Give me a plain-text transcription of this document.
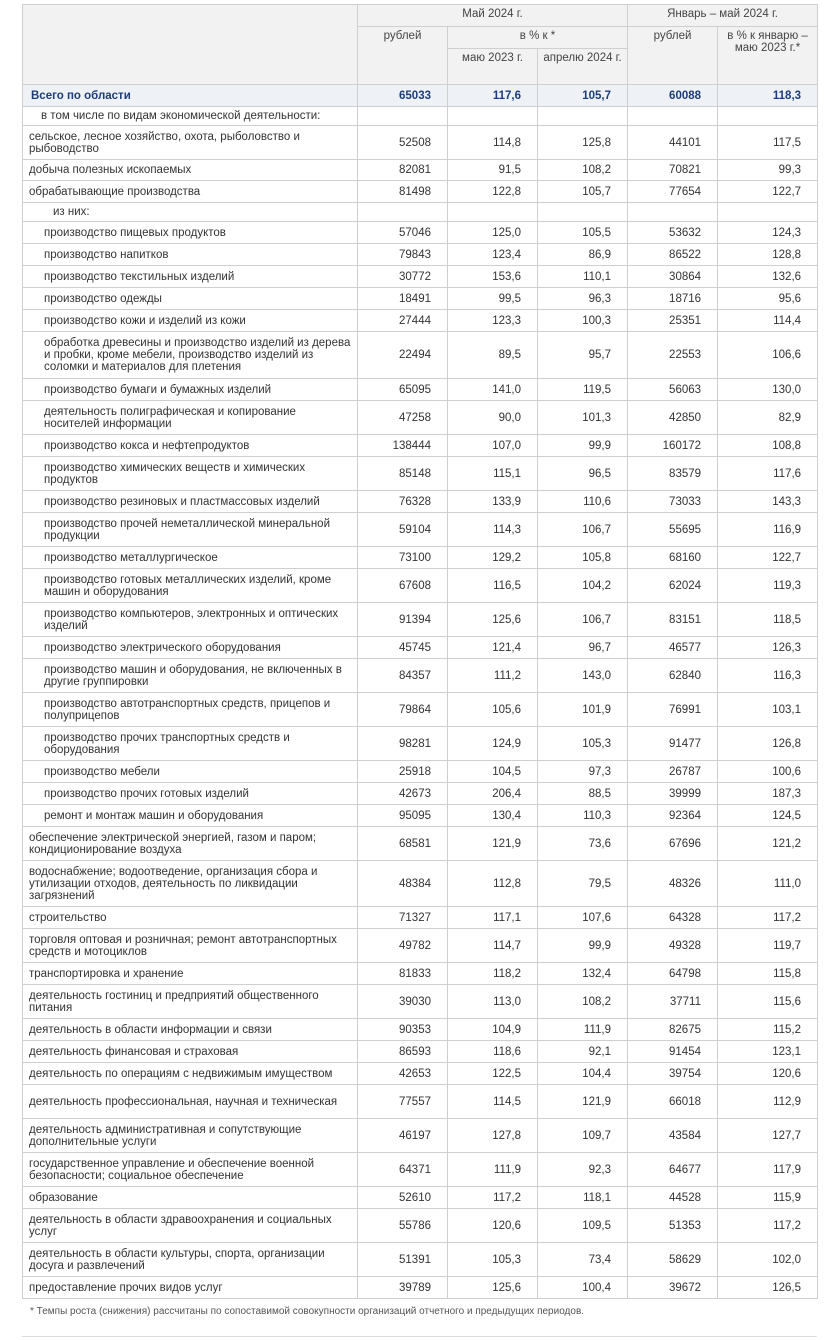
	Май 2024 г.			Январь – май 2024 г.	
	рублей	в % к *		рублей	в % к январю – маю 2023 г.*
		маю 2023 г.	апрелю 2024 г.		
Всего по области	65033	117,6	105,7	60088	118,3
в том числе по видам экономической деятельности:					
сельское, лесное хозяйство, охота, рыболовство и рыбоводство	52508	114,8	125,8	44101	117,5
добыча полезных ископаемых	82081	91,5	108,2	70821	99,3
обрабатывающие производства	81498	122,8	105,7	77654	122,7
из них:					
производство пищевых продуктов	57046	125,0	105,5	53632	124,3
производство напитков	79843	123,4	86,9	86522	128,8
производство текстильных изделий	30772	153,6	110,1	30864	132,6
производство одежды	18491	99,5	96,3	18716	95,6
производство кожи и изделий из кожи	27444	123,3	100,3	25351	114,4
обработка древесины и производство изделий из дерева и пробки, кроме мебели, производство изделий из соломки и материалов для плетения	22494	89,5	95,7	22553	106,6
производство бумаги и бумажных изделий	65095	141,0	119,5	56063	130,0
деятельность полиграфическая и копирование носителей информации	47258	90,0	101,3	42850	82,9
производство кокса и нефтепродуктов	138444	107,0	99,9	160172	108,8
производство химических веществ и химических продуктов	85148	115,1	96,5	83579	117,6
производство резиновых и пластмассовых изделий	76328	133,9	110,6	73033	143,3
производство прочей неметаллической минеральной продукции	59104	114,3	106,7	55695	116,9
производство металлургическое	73100	129,2	105,8	68160	122,7
производство готовых металлических изделий, кроме машин и оборудования	67608	116,5	104,2	62024	119,3
производство компьютеров, электронных и оптических изделий	91394	125,6	106,7	83151	118,5
производство электрического оборудования	45745	121,4	96,7	46577	126,3
производство машин и оборудования, не включенных в другие группировки	84357	111,2	143,0	62840	116,3
производство автотранспортных средств, прицепов и полуприцепов	79864	105,6	101,9	76991	103,1
производство прочих транспортных средств и оборудования	98281	124,9	105,3	91477	126,8
производство мебели	25918	104,5	97,3	26787	100,6
производство прочих готовых изделий	42673	206,4	88,5	39999	187,3
ремонт и монтаж машин и оборудования	95095	130,4	110,3	92364	124,5
обеспечение электрической энергией, газом и паром; кондиционирование воздуха	68581	121,9	73,6	67696	121,2
водоснабжение; водоотведение, организация сбора и утилизации отходов, деятельность по ликвидации загрязнений	48384	112,8	79,5	48326	111,0
строительство	71327	117,1	107,6	64328	117,2
торговля оптовая и розничная; ремонт автотранспортных средств и мотоциклов	49782	114,7	99,9	49328	119,7
транспортировка и хранение	81833	118,2	132,4	64798	115,8
деятельность гостиниц и предприятий общественного питания	39030	113,0	108,2	37711	115,6
деятельность в области информации и связи	90353	104,9	111,9	82675	115,2
деятельность финансовая и страховая	86593	118,6	92,1	91454	123,1
деятельность по операциям с недвижимым имуществом	42653	122,5	104,4	39754	120,6
деятельность профессиональная, научная и техническая	77557	114,5	121,9	66018	112,9
деятельность административная и сопутствующие дополнительные услуги	46197	127,8	109,7	43584	127,7
государственное управление и обеспечение военной безопасности; социальное обеспечение	64371	111,9	92,3	64677	117,9
образование	52610	117,2	118,1	44528	115,9
деятельность в области здравоохранения и социальных услуг	55786	120,6	109,5	51353	117,2
деятельность в области культуры, спорта, организации досуга и развлечений	51391	105,3	73,4	58629	102,0
предоставление прочих видов услуг	39789	125,6	100,4	39672	126,5
* Темпы роста (снижения) рассчитаны по сопоставимой совокупности организаций отчетного и предыдущих периодов.
